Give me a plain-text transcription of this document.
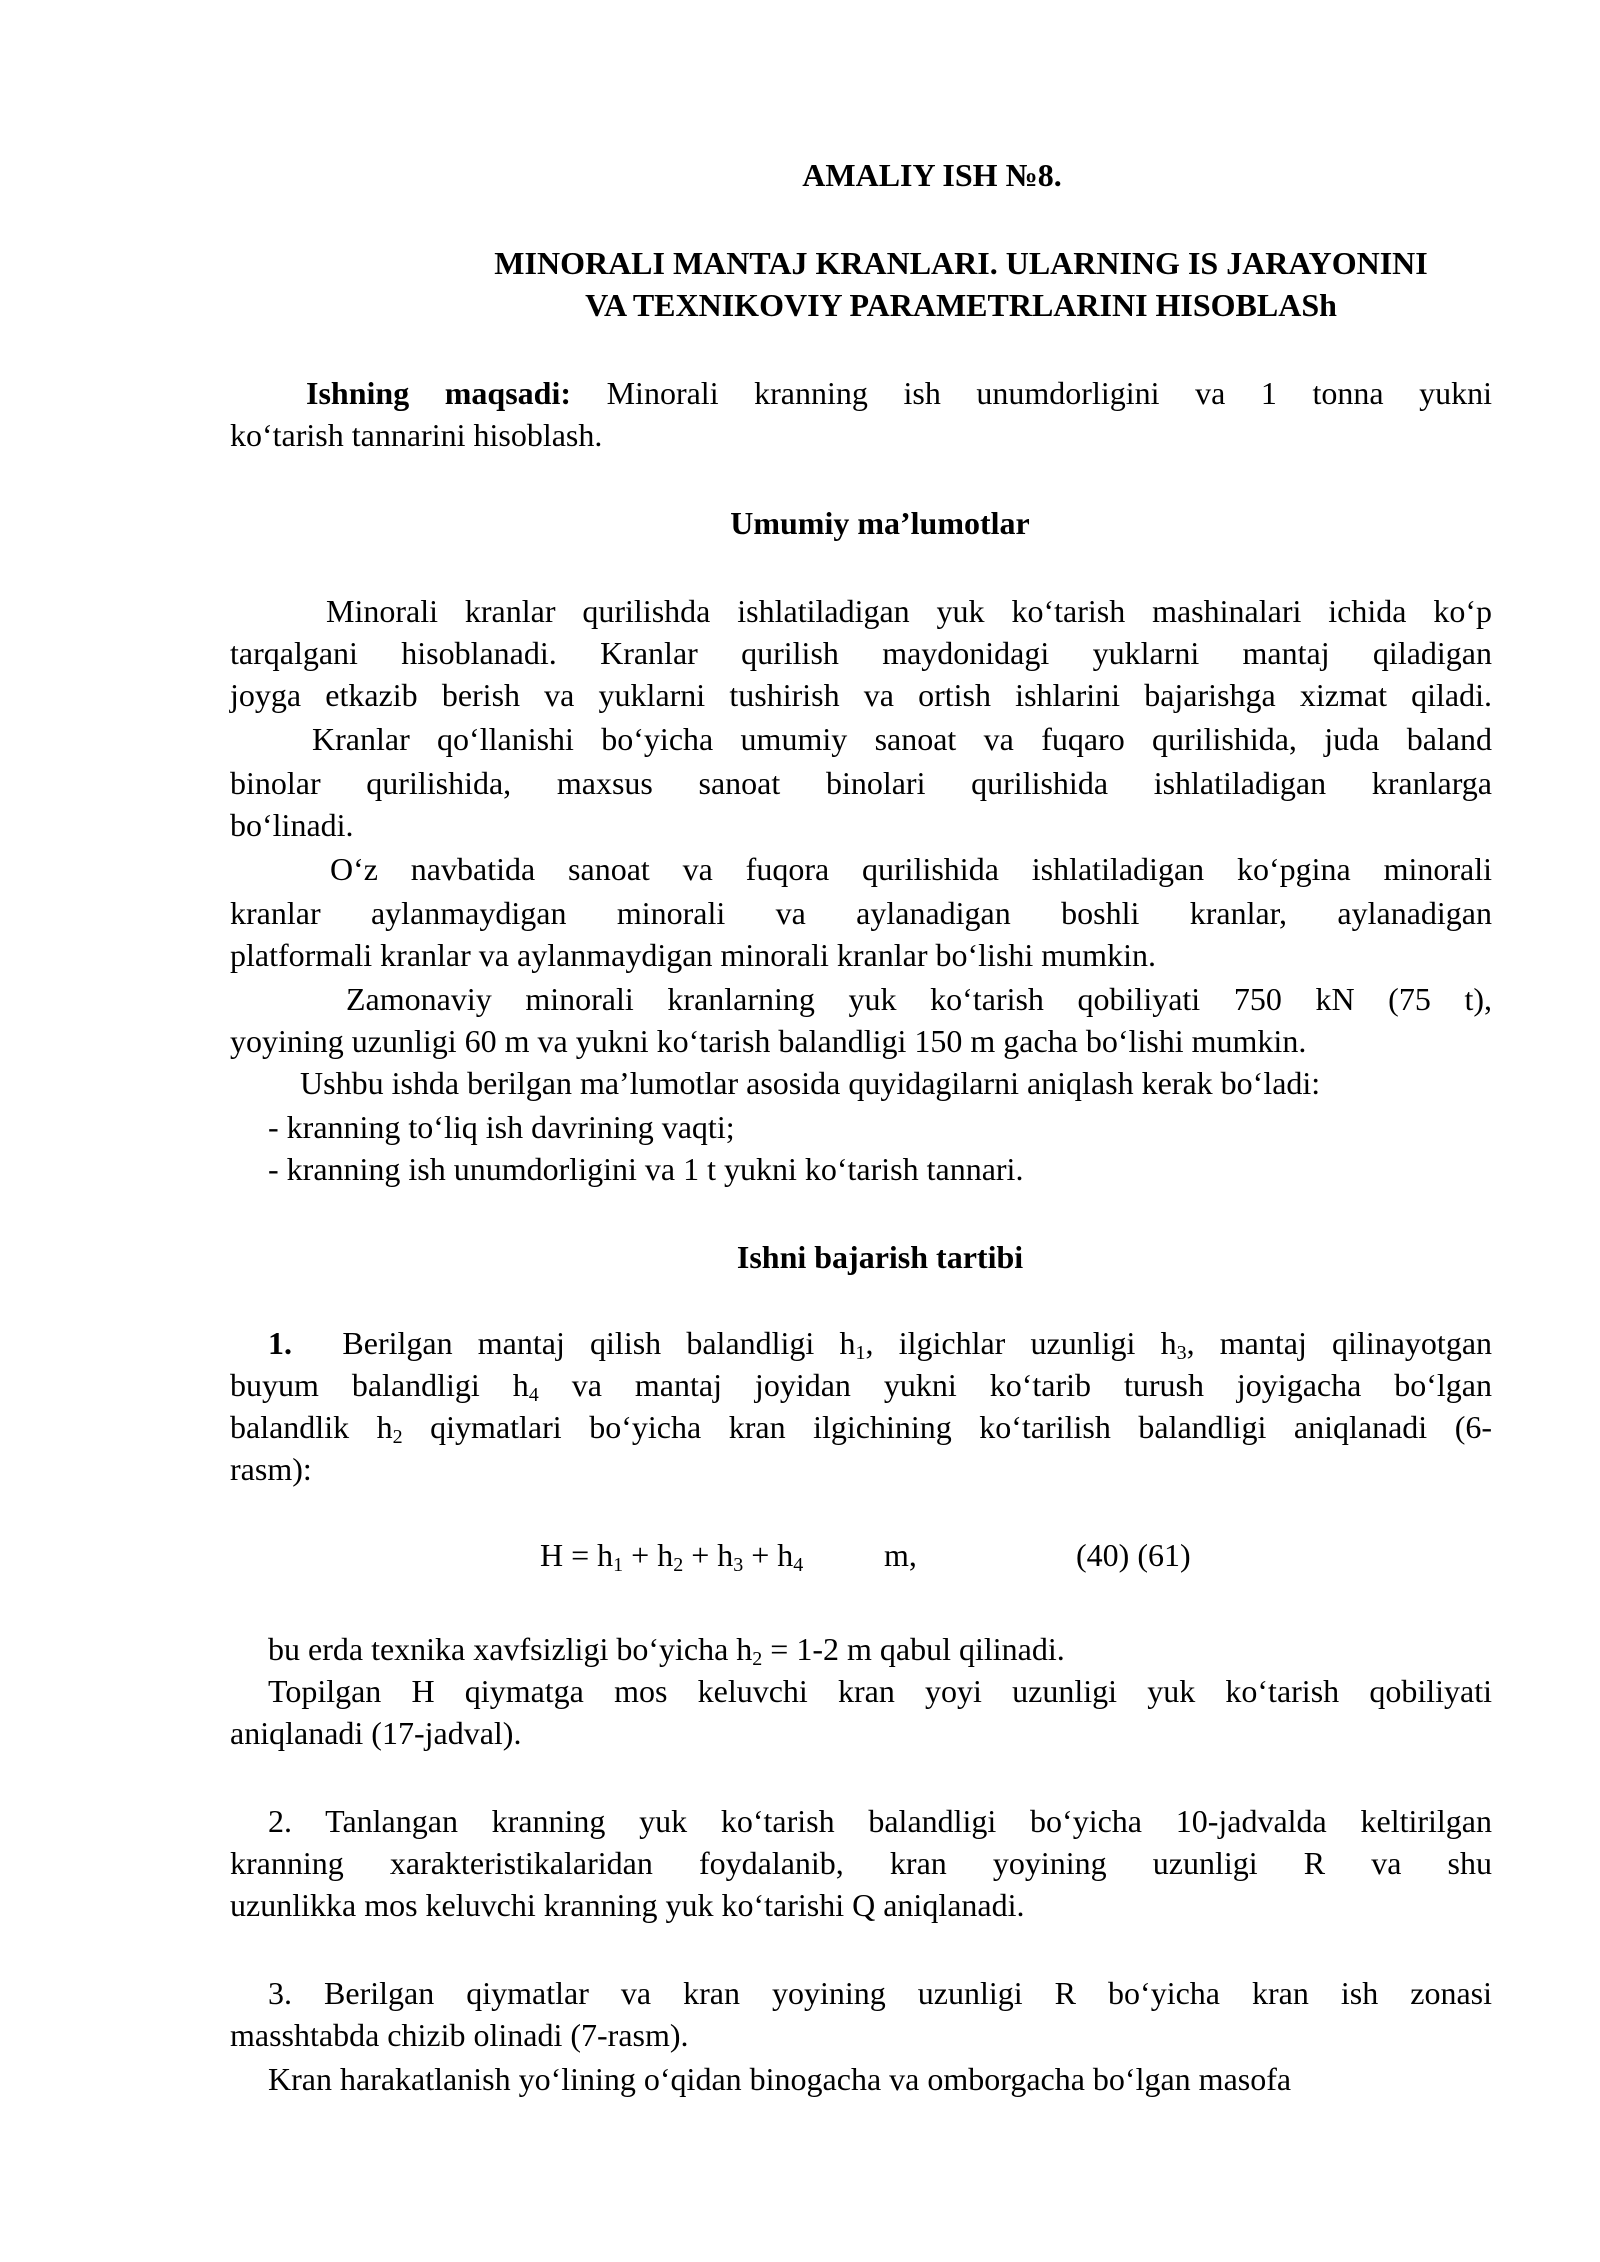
AMALIY ISH №8.
MINORALI MANTAJ KRANLARI. ULARNING IS JARAYONINI
VA TEXNIKOVIY PARAMETRLARINI HISOBLASh
Ishning maqsadi: Minorali kranning ish unumdorligini va 1 tonna yukni
ko‘tarish tannarini hisoblash.
Umumiy ma’lumotlar
Minorali kranlar qurilishda ishlatiladigan yuk ko‘tarish mashinalari ichida ko‘p
tarqalgani hisoblanadi. Kranlar qurilish maydonidagi yuklarni mantaj qiladigan
joyga etkazib berish va yuklarni tushirish va ortish ishlarini bajarishga xizmat qiladi.
Kranlar qo‘llanishi bo‘yicha umumiy sanoat va fuqaro qurilishida, juda baland
binolar qurilishida, maxsus sanoat binolari qurilishida ishlatiladigan kranlarga
bo‘linadi.
O‘z navbatida sanoat va fuqora qurilishida ishlatiladigan ko‘pgina minorali
kranlar aylanmaydigan minorali va aylanadigan boshli kranlar, aylanadigan
platformali kranlar va aylanmaydigan minorali kranlar bo‘lishi mumkin.
Zamonaviy minorali kranlarning yuk ko‘tarish qobiliyati 750 kN (75 t),
yoyining uzunligi 60 m va yukni ko‘tarish balandligi 150 m gacha bo‘lishi mumkin.
Ushbu ishda berilgan ma’lumotlar asosida quyidagilarni aniqlash kerak bo‘ladi:
- kranning to‘liq ish davrining vaqti;
- kranning ish unumdorligini va 1 t yukni ko‘tarish tannari.
Ishni bajarish tartibi
1. Berilgan mantaj qilish balandligi $h_1$, ilgichlar uzunligi $h_3$, mantaj qilinayotgan
buyum balandligi $h_4$ va mantaj joyidan yukni ko‘tarib turush joyigacha bo‘lgan
balandlik $h_2$ qiymatlari bo‘yicha kran ilgichining ko‘tarilish balandligi aniqlanadi (6-
rasm):
$H = h_1 + h_2 + h_3 + h_4$	m,	(40) (61)
bu erda texnika xavfsizligi bo‘yicha $h_2 = 1-2$ m qabul qilinadi.
Topilgan H qiymatga mos keluvchi kran yoyi uzunligi yuk ko‘tarish qobiliyati
aniqlanadi (17-jadval).
2. Tanlangan kranning yuk ko‘tarish balandligi bo‘yicha 10-jadvalda keltirilgan
kranning xarakteristikalaridan foydalanib, kran yoyining uzunligi R va shu
uzunlikka mos keluvchi kranning yuk ko‘tarishi Q aniqlanadi.
3. Berilgan qiymatlar va kran yoyining uzunligi R bo‘yicha kran ish zonasi
masshtabda chizib olinadi (7-rasm).
Kran harakatlanish yo‘lining o‘qidan binogacha va omborgacha bo‘lgan masofa
